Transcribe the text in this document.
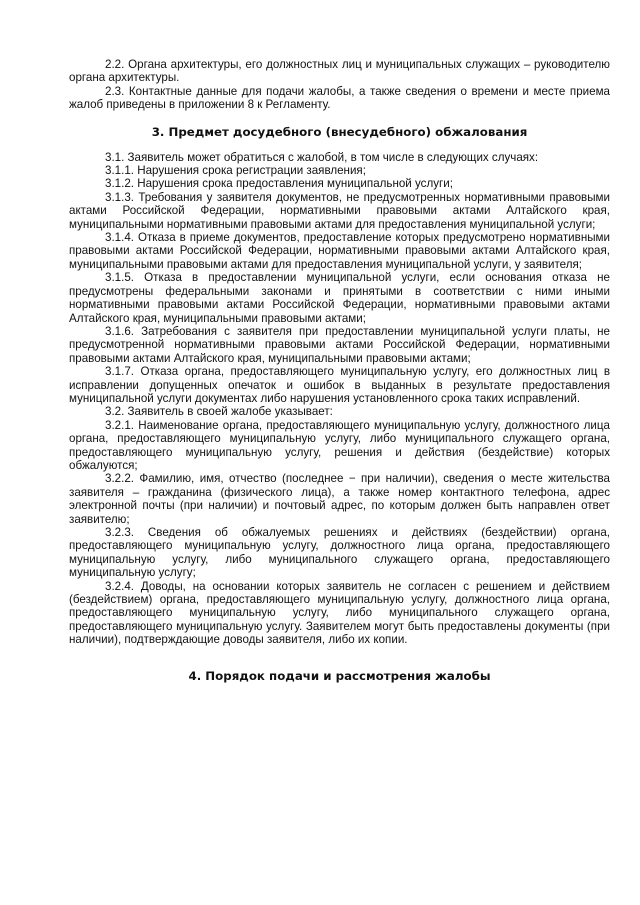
2.2. Органа архитектуры, его должностных лиц и муниципальных служащих – руководителю органа архитектуры.

2.3. Контактные данные для подачи жалобы, а также сведения о времени и месте приема жалоб приведены в приложении 8 к Регламенту.

3. Предмет досудебного (внесудебного) обжалования

3.1. Заявитель может обратиться с жалобой, в том числе в следующих случаях:

3.1.1. Нарушения срока регистрации заявления;

3.1.2. Нарушения срока предоставления муниципальной услуги;

3.1.3. Требования у заявителя документов, не предусмотренных нормативными правовыми актами Российской Федерации, нормативными правовыми актами Алтайского края, муниципальными нормативными правовыми актами для предоставления муниципальной услуги;

3.1.4. Отказа в приеме документов, предоставление которых предусмотрено нормативными правовыми актами Российской Федерации, нормативными правовыми актами Алтайского края, муниципальными правовыми актами для предоставления муниципальной услуги, у заявителя;

3.1.5. Отказа в предоставлении муниципальной услуги, если основания отказа не предусмотрены федеральными законами и принятыми в соответствии с ними иными нормативными правовыми актами Российской Федерации, нормативными правовыми актами Алтайского края, муниципальными правовыми актами;

3.1.6. Затребования с заявителя при предоставлении муниципальной услуги платы, не предусмотренной нормативными правовыми актами Российской Федерации, нормативными правовыми актами Алтайского края, муниципальными правовыми актами;

3.1.7. Отказа органа, предоставляющего муниципальную услугу, его должностных лиц в исправлении допущенных опечаток и ошибок в выданных в результате предоставления муниципальной услуги документах либо нарушения установленного срока таких исправлений.

3.2. Заявитель в своей жалобе указывает:

3.2.1. Наименование органа, предоставляющего муниципальную услугу, должностного лица органа, предоставляющего муниципальную услугу, либо муниципального служащего органа, предоставляющего муниципальную услугу, решения и действия (бездействие) которых обжалуются;

3.2.2. Фамилию, имя, отчество (последнее − при наличии), сведения о месте жительства заявителя – гражданина (физического лица), а также номер контактного телефона, адрес электронной почты (при наличии) и почтовый адрес, по которым должен быть направлен ответ заявителю;

3.2.3. Сведения об обжалуемых решениях и действиях (бездействии) органа, предоставляющего муниципальную услугу, должностного лица органа, предоставляющего муниципальную услугу, либо муниципального служащего органа, предоставляющего муниципальную услугу;

3.2.4. Доводы, на основании которых заявитель не согласен с решением и действием (бездействием) органа, предоставляющего муниципальную услугу, должностного лица органа, предоставляющего муниципальную услугу, либо муниципального служащего органа, предоставляющего муниципальную услугу. Заявителем могут быть предоставлены документы (при наличии), подтверждающие доводы заявителя, либо их копии.

4. Порядок подачи и рассмотрения жалобы
